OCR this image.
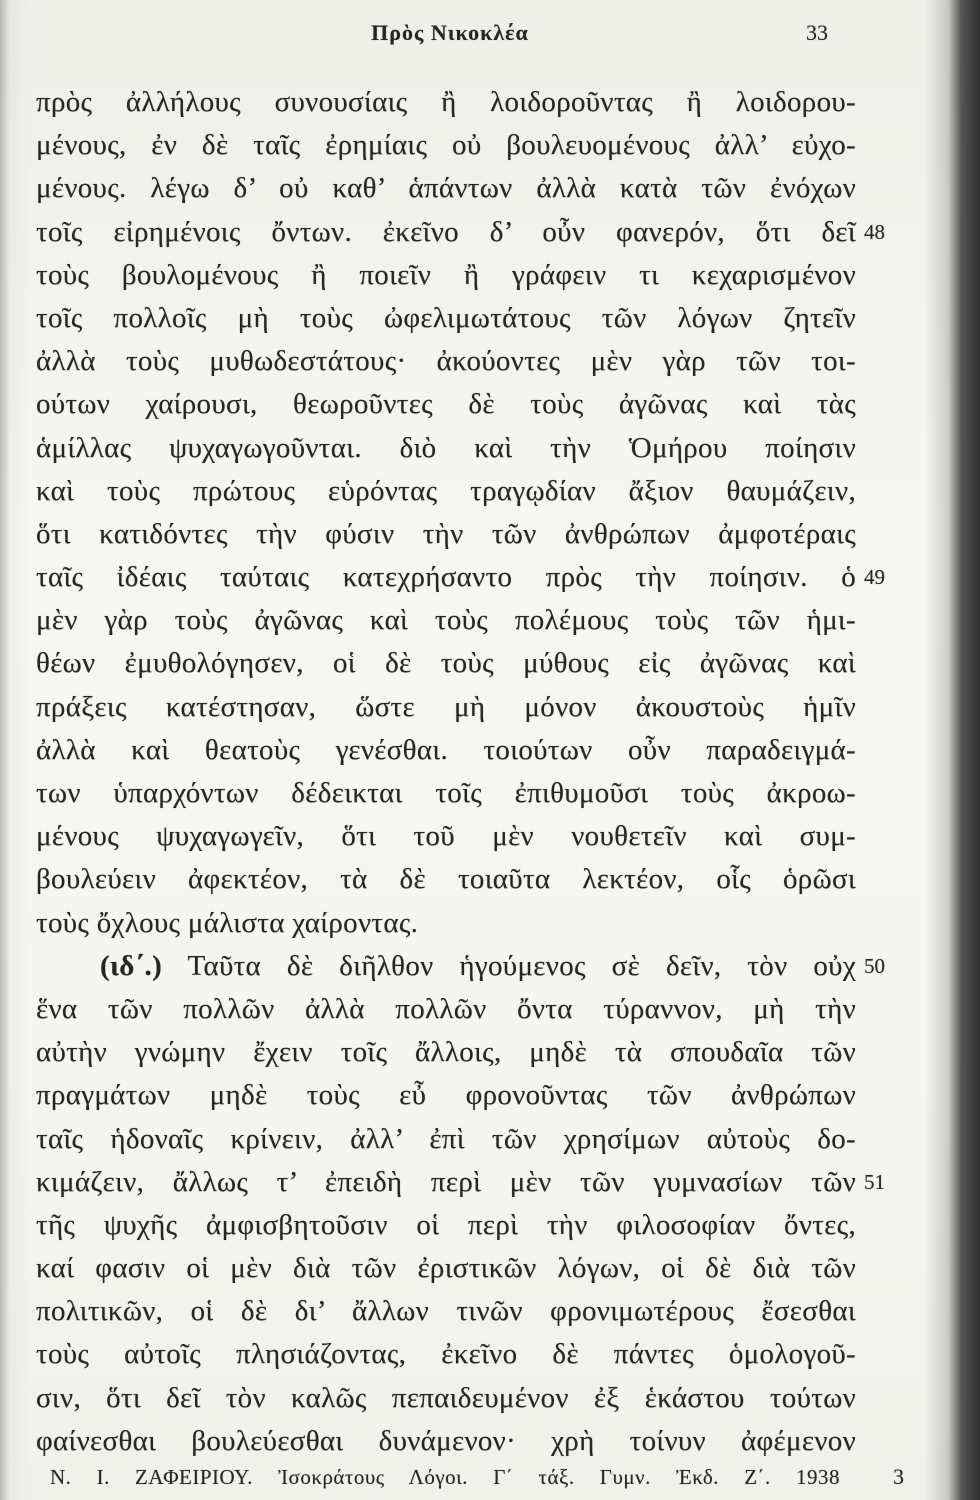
Πρὸς Νικοκλέα	33
πρὸς ἀλλήλους συνουσίαις ἢ λοιδοροῦντας ἢ λοιδορου-
μένους, ἐν δὲ ταῖς ἐρημίαις οὐ βουλευομένους ἀλλ’ εὐχο-
μένους. λέγω δ’ οὐ καθ’ ἁπάντων ἀλλὰ κατὰ τῶν ἐνόχων
τοῖς εἰρημένοις ὄντων. ἐκεῖνο δ’ οὖν φανερόν, ὅτι δεῖ 48
τοὺς βουλομένους ἢ ποιεῖν ἢ γράφειν τι κεχαρισμένον
τοῖς πολλοῖς μὴ τοὺς ὠφελιμωτάτους τῶν λόγων ζητεῖν
ἀλλὰ τοὺς μυθωδεστάτους· ἀκούοντες μὲν γὰρ τῶν τοι-
ούτων χαίρουσι, θεωροῦντες δὲ τοὺς ἀγῶνας καὶ τὰς
ἁμίλλας ψυχαγωγοῦνται. διὸ καὶ τὴν Ὁμήρου ποίησιν
καὶ τοὺς πρώτους εὑρόντας τραγῳδίαν ἄξιον θαυμάζειν,
ὅτι κατιδόντες τὴν φύσιν τὴν τῶν ἀνθρώπων ἀμφοτέραις
ταῖς ἰδέαις ταύταις κατεχρήσαντο πρὸς τὴν ποίησιν. ὁ 49
μὲν γὰρ τοὺς ἀγῶνας καὶ τοὺς πολέμους τοὺς τῶν ἡμι-
θέων ἐμυθολόγησεν, οἱ δὲ τοὺς μύθους εἰς ἀγῶνας καὶ
πράξεις κατέστησαν, ὥστε μὴ μόνον ἀκουστοὺς ἡμῖν
ἀλλὰ καὶ θεατοὺς γενέσθαι. τοιούτων οὖν παραδειγμά-
των ὑπαρχόντων δέδεικται τοῖς ἐπιθυμοῦσι τοὺς ἀκροω-
μένους ψυχαγωγεῖν, ὅτι τοῦ μὲν νουθετεῖν καὶ συμ-
βουλεύειν ἀφεκτέον, τὰ δὲ τοιαῦτα λεκτέον, οἷς ὁρῶσι
τοὺς ὄχλους μάλιστα χαίροντας.
(ιδ΄.) Ταῦτα δὲ διῆλθον ἡγούμενος σὲ δεῖν, τὸν οὐχ 50
ἕνα τῶν πολλῶν ἀλλὰ πολλῶν ὄντα τύραννον, μὴ τὴν
αὐτὴν γνώμην ἔχειν τοῖς ἄλλοις, μηδὲ τὰ σπουδαῖα τῶν
πραγμάτων μηδὲ τοὺς εὖ φρονοῦντας τῶν ἀνθρώπων
ταῖς ἡδοναῖς κρίνειν, ἀλλ’ ἐπὶ τῶν χρησίμων αὐτοὺς δο-
κιμάζειν, ἄλλως τ’ ἐπειδὴ περὶ μὲν τῶν γυμνασίων τῶν 51
τῆς ψυχῆς ἀμφισβητοῦσιν οἱ περὶ τὴν φιλοσοφίαν ὄντες,
καί φασιν οἱ μὲν διὰ τῶν ἐριστικῶν λόγων, οἱ δὲ διὰ τῶν
πολιτικῶν, οἱ δὲ δι’ ἄλλων τινῶν φρονιμωτέρους ἔσεσθαι
τοὺς αὐτοῖς πλησιάζοντας, ἐκεῖνο δὲ πάντες ὁμολογοῦ-
σιν, ὅτι δεῖ τὸν καλῶς πεπαιδευμένον ἐξ ἑκάστου τούτων
φαίνεσθαι βουλεύεσθαι δυνάμενον· χρὴ τοίνυν ἀφέμενον
Ν. Ι. ΖΑΦΕΙΡΙΟΥ. Ἰσοκράτους Λόγοι. Γ΄ τάξ. Γυμν. Ἐκδ. Ζ΄. 1938 3
